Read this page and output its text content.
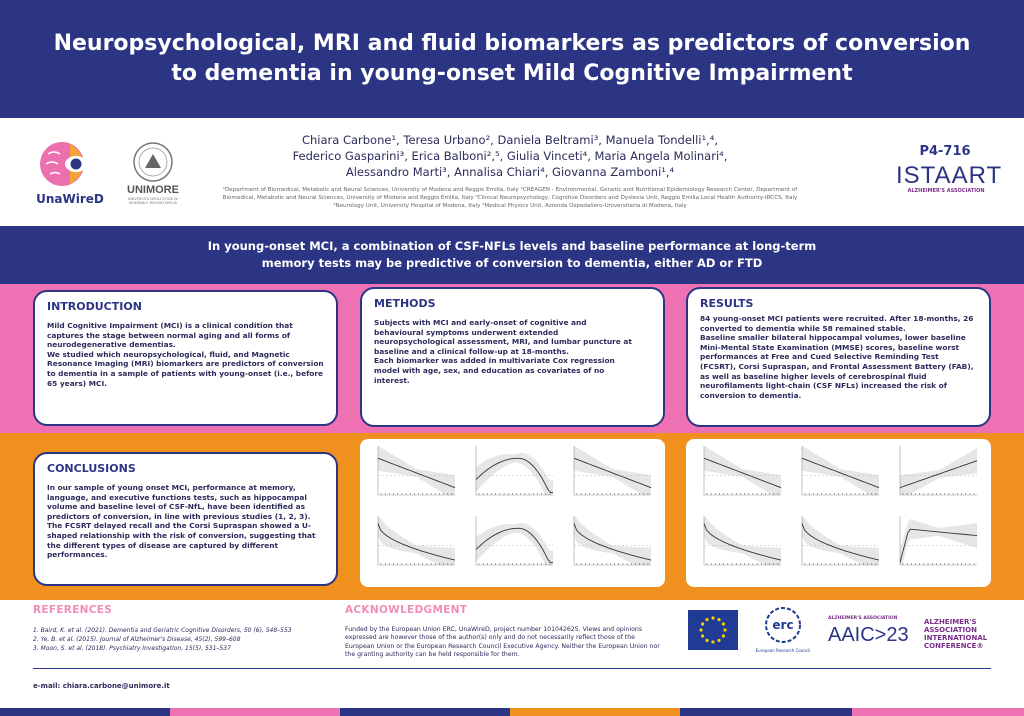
Neuropsychological, MRI and fluid biomarkers as predictors of conversion
to dementia in young-onset Mild Cognitive Impairment
UnaWireD
UNIMORE
UNIVERSITÀ DEGLI STUDI DI MODENA E REGGIO EMILIA
Chiara Carbone¹, Teresa Urbano², Daniela Beltrami³, Manuela Tondelli¹,⁴,
Federico Gasparini³, Erica Balboni²,⁵, Giulia Vinceti⁴, Maria Angela Molinari⁴,
Alessandro Marti³, Annalisa Chiari⁴, Giovanna Zamboni¹,⁴
¹Department of Biomedical, Metabolic and Neural Sciences, University of Modena and Reggio Emilia, Italy ²CREAGEN - Environmental, Genetic and Nutritional Epidemiology Research Center, Department of Biomedical, Metabolic and Neural Sciences, University of Modena and Reggio Emilia, Italy ³Clinical Neuropsychology, Cognitive Disorders and Dyslexia Unit, Reggio Emilia Local Health Authority-IRCCS, Italy ⁴Neurology Unit, University Hospital of Modena, Italy ⁵Medical Physics Unit, Azienda Ospedaliero-Universitaria di Modena, Italy
P4-716
ISTAART
ALZHEIMER'S ASSOCIATION

In young-onset MCI, a combination of CSF-NFLs levels and baseline performance at long-term memory tests may be predictive of conversion to dementia, either AD or FTD

INTRODUCTION

Mild Cognitive Impairment (MCI) is a clinical condition that captures the stage between normal aging and all forms of neurodegenerative dementias.

We studied which neuropsychological, fluid, and Magnetic Resonance Imaging (MRI) biomarkers are predictors of conversion to dementia in a sample of patients with young-onset (i.e., before 65 years) MCI.

METHODS

Subjects with MCI and early-onset of cognitive and behavioural symptoms underwent extended neuropsychological assessment, MRI, and lumbar puncture at baseline and a clinical follow-up at 18-months.

Each biomarker was added in multivariate Cox regression model with age, sex, and education as covariates of no interest.

RESULTS

84 young-onset MCI patients were recruited. After 18-months, 26 converted to dementia while 58 remained stable.

Baseline smaller bilateral hippocampal volumes, lower baseline Mini-Mental State Examination (MMSE) scores, baseline worst performances at Free and Cued Selective Reminding Test (FCSRT), Corsi Supraspan, and Frontal Assessment Battery (FAB), as well as baseline higher levels of cerebrospinal fluid neurofilaments light-chain (CSF NFLs) increased the risk of conversion to dementia.

CONCLUSIONS

In our sample of young onset MCI, performance at memory, language, and executive functions tests, such as hippocampal volume and baseline level of CSF-NfL, have been identified as predictors of conversion, in line with previous studies (1, 2, 3).

The FCSRT delayed recall and the Corsi Supraspan showed a U-shaped relationship with the risk of conversion, suggesting that the different types of disease are captured by different performances.

REFERENCES
1. Baird, K. et al. (2021). Dementia and Geriatric Cognitive Disorders, 50 (6), 548–553
2. Ye, B. et al. (2015). Journal of Alzheimer's Disease, 45(2), 599–608
3. Moon, S. et al. (2018). Psychiatry Investigation, 15(5), 531–537
ACKNOWLEDGMENT

Funded by the European Union ERC, UnaWireD, project number 101042625. Views and opinions expressed are however those of the author(s) only and do not necessarily reflect those of the European Union or the European Research Council Executive Agency. Neither the European Union nor the granting authority can be held responsible for them.

erc
European Research Council
ALZHEIMER'S ASSOCIATION
AAIC>23
ALZHEIMER'S ASSOCIATION INTERNATIONAL CONFERENCE®
e-mail: chiara.carbone@unimore.it
